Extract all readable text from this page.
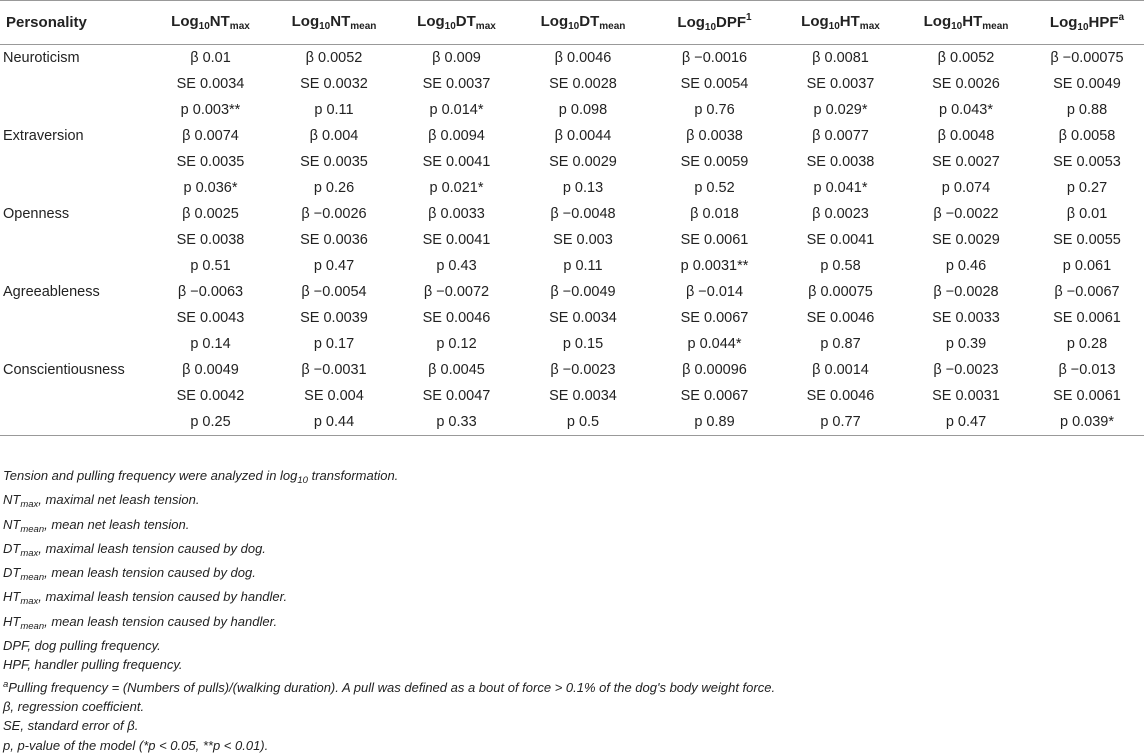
Personality	$Log_{10}NT_{max}$	$Log_{10}NT_{mean}$	$Log_{10}DT_{max}$	$Log_{10}DT_{mean}$	$Log_{10}DPF^1$	$Log_{10}HT_{max}$	$Log_{10}HT_{mean}$	$Log_{10}HPF^a$
Neuroticism	β 0.01	β 0.0052	β 0.009	β 0.0046	β −0.0016	β 0.0081	β 0.0052	β −0.00075
	SE 0.0034	SE 0.0032	SE 0.0037	SE 0.0028	SE 0.0054	SE 0.0037	SE 0.0026	SE 0.0049
	p 0.003**	p 0.11	p 0.014*	p 0.098	p 0.76	p 0.029*	p 0.043*	p 0.88
Extraversion	β 0.0074	β 0.004	β 0.0094	β 0.0044	β 0.0038	β 0.0077	β 0.0048	β 0.0058
	SE 0.0035	SE 0.0035	SE 0.0041	SE 0.0029	SE 0.0059	SE 0.0038	SE 0.0027	SE 0.0053
	p 0.036*	p 0.26	p 0.021*	p 0.13	p 0.52	p 0.041*	p 0.074	p 0.27
Openness	β 0.0025	β −0.0026	β 0.0033	β −0.0048	β 0.018	β 0.0023	β −0.0022	β 0.01
	SE 0.0038	SE 0.0036	SE 0.0041	SE 0.003	SE 0.0061	SE 0.0041	SE 0.0029	SE 0.0055
	p 0.51	p 0.47	p 0.43	p 0.11	p 0.0031**	p 0.58	p 0.46	p 0.061
Agreeableness	β −0.0063	β −0.0054	β −0.0072	β −0.0049	β −0.014	β 0.00075	β −0.0028	β −0.0067
	SE 0.0043	SE 0.0039	SE 0.0046	SE 0.0034	SE 0.0067	SE 0.0046	SE 0.0033	SE 0.0061
	p 0.14	p 0.17	p 0.12	p 0.15	p 0.044*	p 0.87	p 0.39	p 0.28
Conscientiousness	β 0.0049	β −0.0031	β 0.0045	β −0.0023	β 0.00096	β 0.0014	β −0.0023	β −0.013
	SE 0.0042	SE 0.004	SE 0.0047	SE 0.0034	SE 0.0067	SE 0.0046	SE 0.0031	SE 0.0061
	p 0.25	p 0.44	p 0.33	p 0.5	p 0.89	p 0.77	p 0.47	p 0.039*
Tension and pulling frequency were analyzed in $\log_{10}$ transformation.
$NT_{max}$, maximal net leash tension.
$NT_{mean}$, mean net leash tension.
$DT_{max}$, maximal leash tension caused by dog.
$DT_{mean}$, mean leash tension caused by dog.
$HT_{max}$, maximal leash tension caused by handler.
$HT_{mean}$, mean leash tension caused by handler.
DPF, dog pulling frequency.
HPF, handler pulling frequency.
$^a$Pulling frequency = (Numbers of pulls)/(walking duration). A pull was defined as a bout of force > 0.1% of the dog's body weight force.
β, regression coefficient.
SE, standard error of β.
p, p-value of the model (*p < 0.05, **p < 0.01).
